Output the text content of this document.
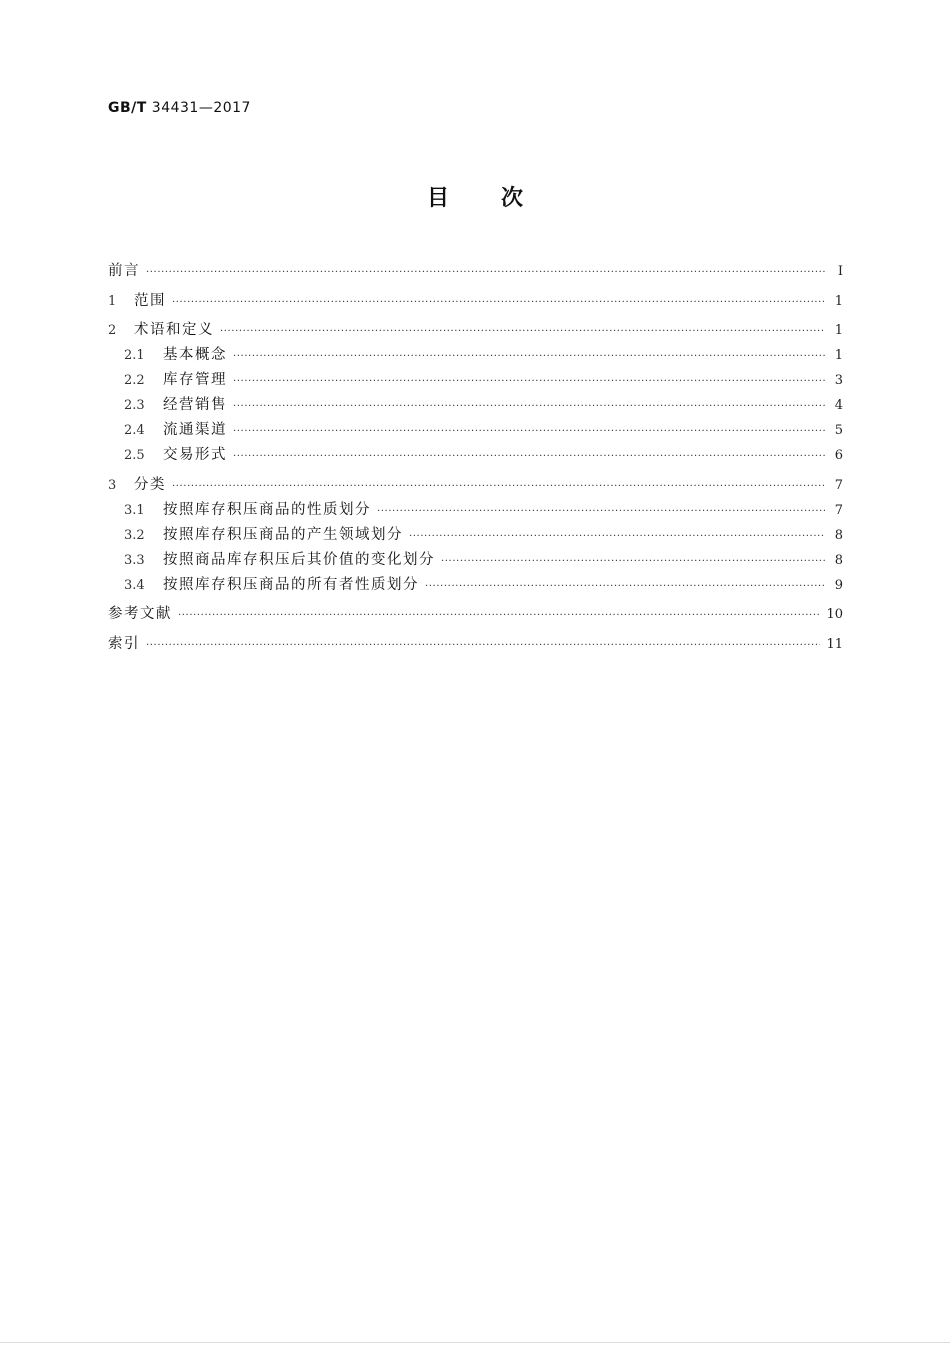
GB/T 34431—2017
目次
前言 ·····	Ⅰ
1	范围 ·····	1
2	术语和定义 ·····	1
2.1	基本概念 ·····	1
2.2	库存管理 ·····	3
2.3	经营销售 ·····	4
2.4	流通渠道 ·····	5
2.5	交易形式 ·····	6
3	分类 ·····	7
3.1	按照库存积压商品的性质划分 ·····	7
3.2	按照库存积压商品的产生领域划分 ·····	8
3.3	按照商品库存积压后其价值的变化划分 ·····	8
3.4	按照库存积压商品的所有者性质划分 ·····	9
参考文献 ·····	10
索引 ·····	11
